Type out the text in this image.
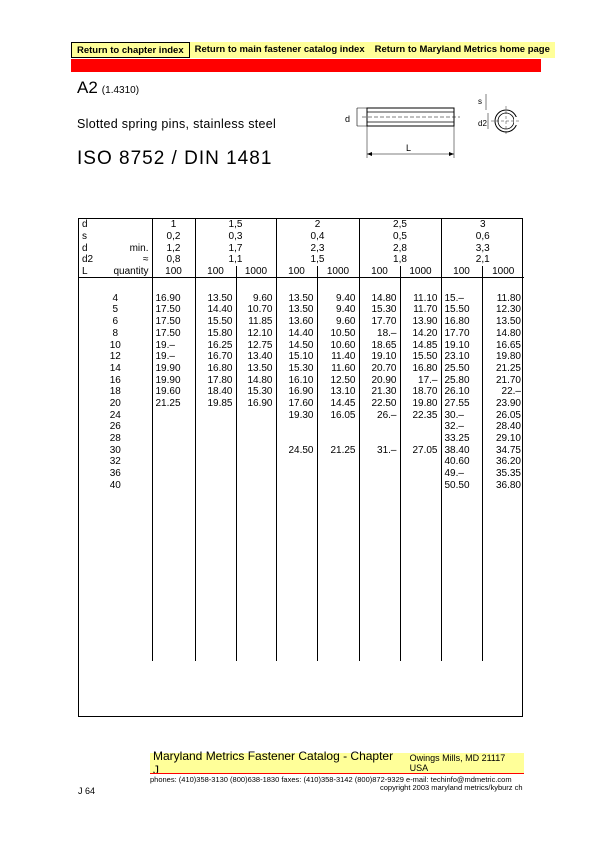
Return to chapter index	Return to main fastener catalog index	Return to Maryland Metrics home page
A2 (1.4310)
Slotted spring pins, stainless steel
ISO 8752 / DIN 1481
d
L
d2
s
d	1	1,5		2		2,5		3	
s	0,2	0,3		0,4		0,5		0,6	
d min.	1,2	1,7		2,3		2,8		3,3	
d2 ≈	0,8	1,1		1,5		1,8		2,1	
L quantity	100	100	1000	100	1000	100	1000	100	1000

4	16.90	13.50	9.60	13.50	9.40	14.80	11.10	15.–	11.80
5	17.50	14.40	10.70	13.50	9.40	15.30	11.70	15.50	12.30
6	17.50	15.50	11.85	13.60	9.60	17.70	13.90	16.80	13.50
8	17.50	15.80	12.10	14.40	10.50	18.–	14.20	17.70	14.80
10	19.–	16.25	12.75	14.50	10.60	18.65	14.85	19.10	16.65
12	19.–	16.70	13.40	15.10	11.40	19.10	15.50	23.10	19.80
14	19.90	16.80	13.50	15.30	11.60	20.70	16.80	25.50	21.25
16	19.90	17.80	14.80	16.10	12.50	20.90	17.–	25.80	21.70
18	19.60	18.40	15.30	16.90	13.10	21.30	18.70	26.10	22.–
20	21.25	19.85	16.90	17.60	14.45	22.50	19.80	27.55	23.90
24				19.30	16.05	26.–	22.35	30.–	26.05
26								32.–	28.40
28								33.25	29.10
30				24.50	21.25	31.–	27.05	38.40	34.75
32								40.60	36.20
36								49.–	35.35
40								50.50	36.80

Maryland Metrics Fastener Catalog - Chapter J
Owings Mills, MD 21117 USA
phones: (410)358-3130 (800)638-1830 faxes: (410)358-3142 (800)872-9329 e-mail: techinfo@mdmetric.com
copyright 2003 maryland metrics/kyburz ch
J 64
